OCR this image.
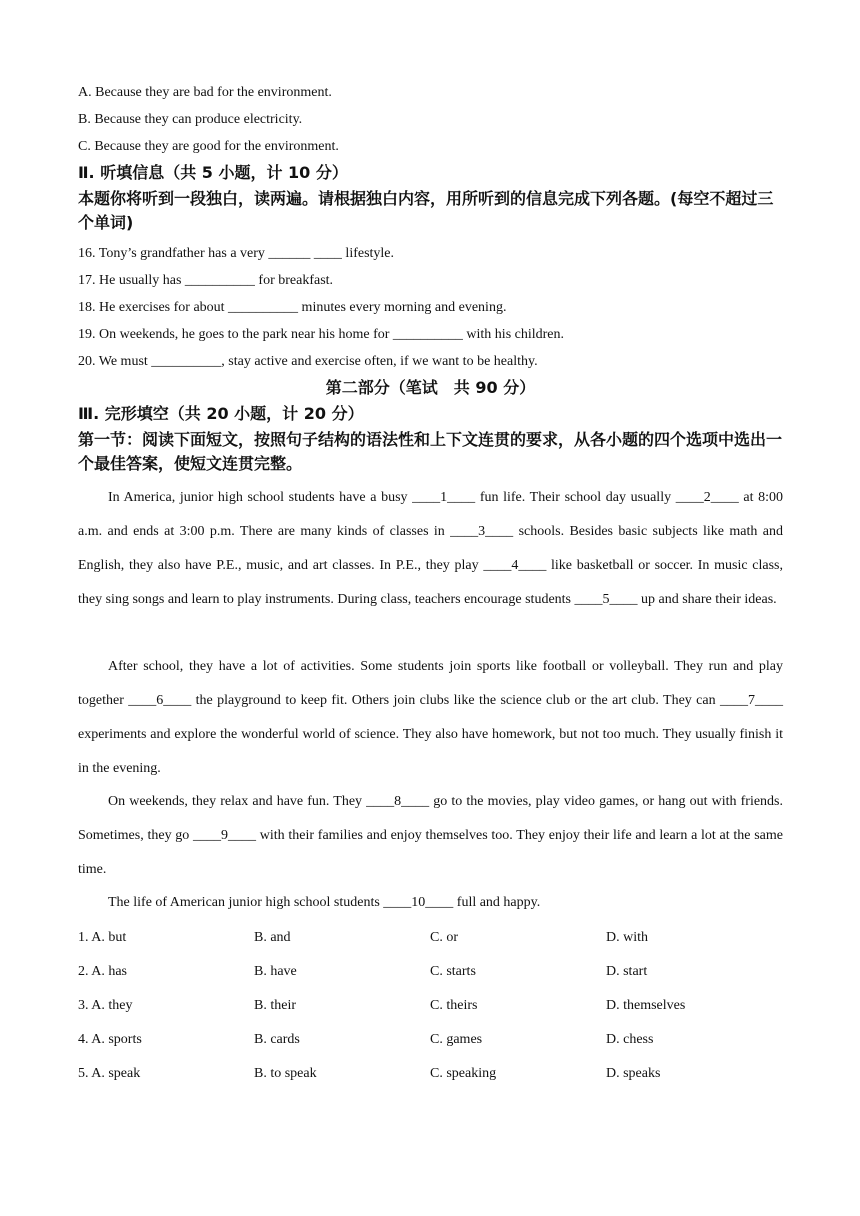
A. Because they are bad for the environment.
B. Because they can produce electricity.
C. Because they are good for the environment.
Ⅱ. 听填信息（共 5 小题，计 10 分）
本题你将听到一段独白，读两遍。请根据独白内容，用所听到的信息完成下列各题。(每空不超过三个单词)
16. Tony’s grandfather has a very ______ ____ lifestyle.
17. He usually has __________ for breakfast.
18. He exercises for about __________ minutes every morning and evening.
19. On weekends, he goes to the park near his home for __________ with his children.
20. We must __________, stay active and exercise often, if we want to be healthy.
第二部分（笔试　共 90 分）
Ⅲ. 完形填空（共 20 小题，计 20 分）
第一节：阅读下面短文，按照句子结构的语法性和上下文连贯的要求，从各小题的四个选项中选出一个最佳答案，使短文连贯完整。
In America, junior high school students have a busy ____1____ fun life. Their school day usually ____2____ at 8:00 a.m. and ends at 3:00 p.m. There are many kinds of classes in ____3____ schools. Besides basic subjects like math and English, they also have P.E., music, and art classes. In P.E., they play ____4____ like basketball or soccer. In music class, they sing songs and learn to play instruments. During class, teachers encourage students ____5____ up and share their ideas.
After school, they have a lot of activities. Some students join sports like football or volleyball. They run and play together ____6____ the playground to keep fit. Others join clubs like the science club or the art club. They can ____7____ experiments and explore the wonderful world of science. They also have homework, but not too much. They usually finish it in the evening.
On weekends, they relax and have fun. They ____8____ go to the movies, play video games, or hang out with friends. Sometimes, they go ____9____ with their families and enjoy themselves too. They enjoy their life and learn a lot at the same time.
The life of American junior high school students ____10____ full and happy.
1. A. but	B. and	C. or	D. with
2. A. has	B. have	C. starts	D. start
3. A. they	B. their	C. theirs	D. themselves
4. A. sports	B. cards	C. games	D. chess
5. A. speak	B. to speak	C. speaking	D. speaks
